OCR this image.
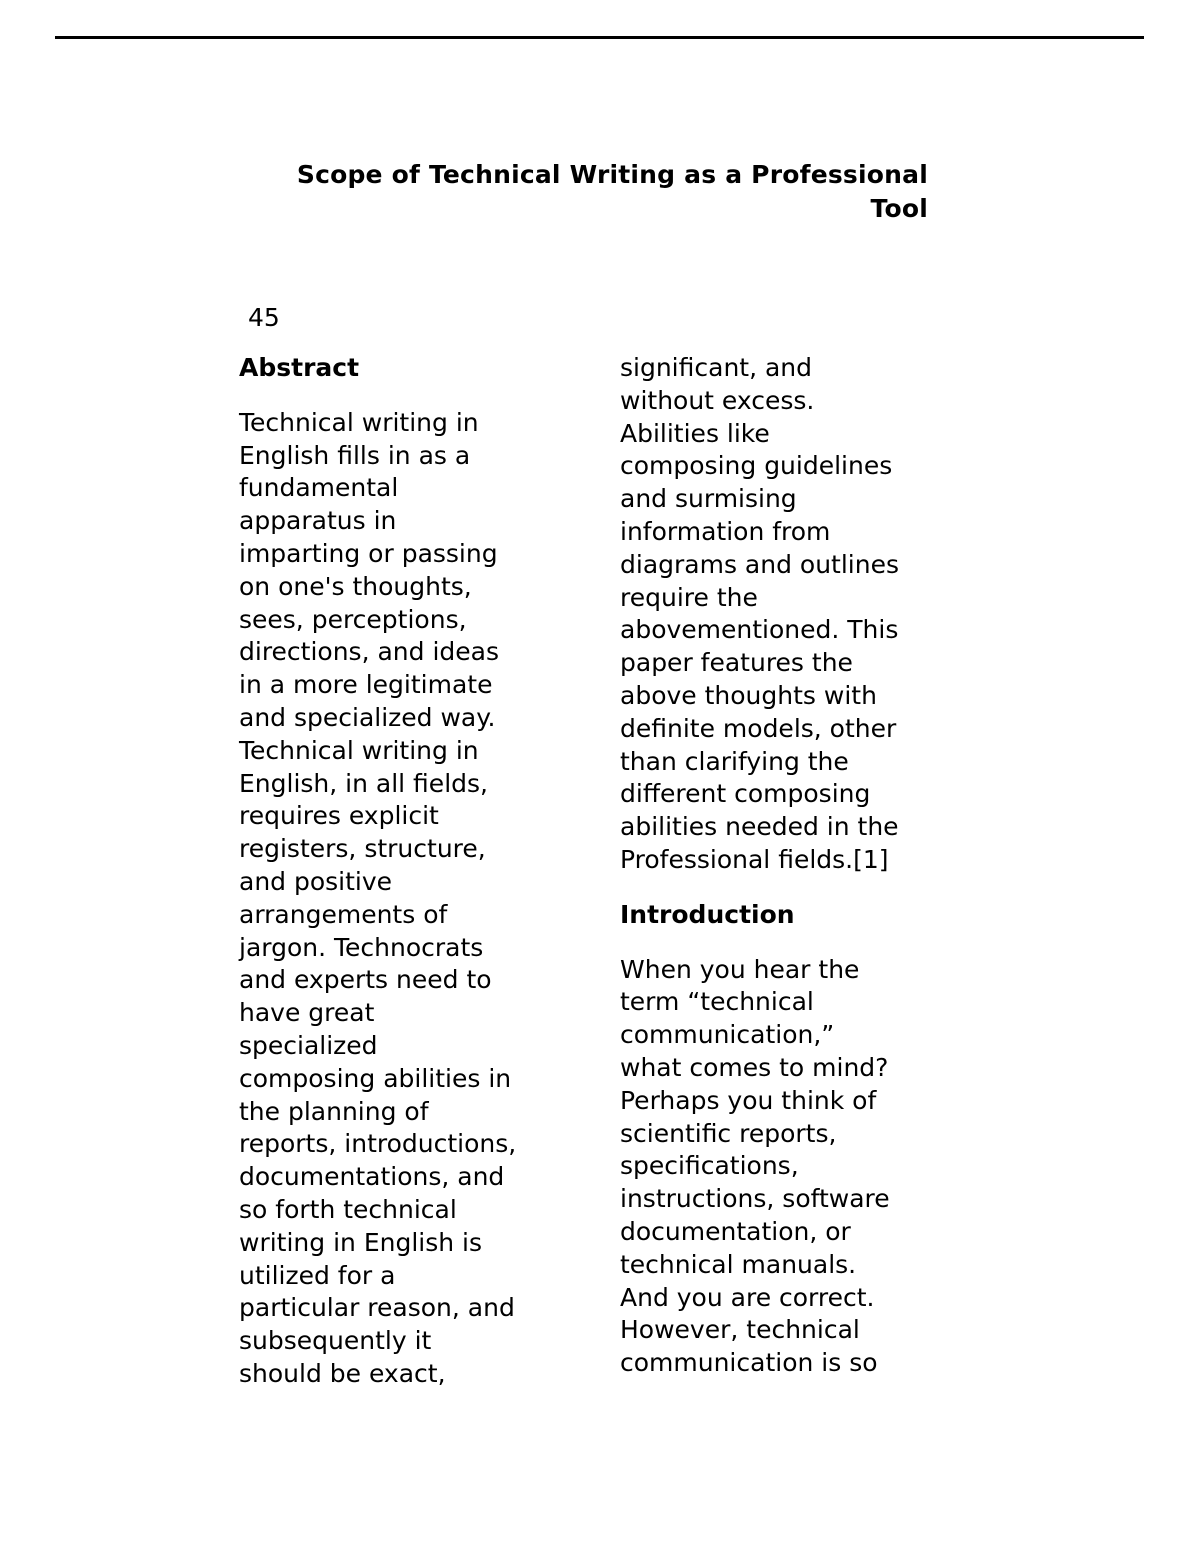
Scope of Technical Writing as a Professional
Tool
45
Abstract
Technical writing in
English fills in as a
fundamental
apparatus in
imparting or passing
on one's thoughts,
sees, perceptions,
directions, and ideas
in a more legitimate
and specialized way.
Technical writing in
English, in all fields,
requires explicit
registers, structure,
and positive
arrangements of
jargon. Technocrats
and experts need to
have great
specialized
composing abilities in
the planning of
reports, introductions,
documentations, and
so forth technical
writing in English is
utilized for a
particular reason, and
subsequently it
should be exact,
significant, and
without excess.
Abilities like
composing guidelines
and surmising
information from
diagrams and outlines
require the
abovementioned. This
paper features the
above thoughts with
definite models, other
than clarifying the
different composing
abilities needed in the
Professional fields.[1]
Introduction
When you hear the
term “technical
communication,”
what comes to mind?
Perhaps you think of
scientific reports,
specifications,
instructions, software
documentation, or
technical manuals.
And you are correct.
However, technical
communication is so
